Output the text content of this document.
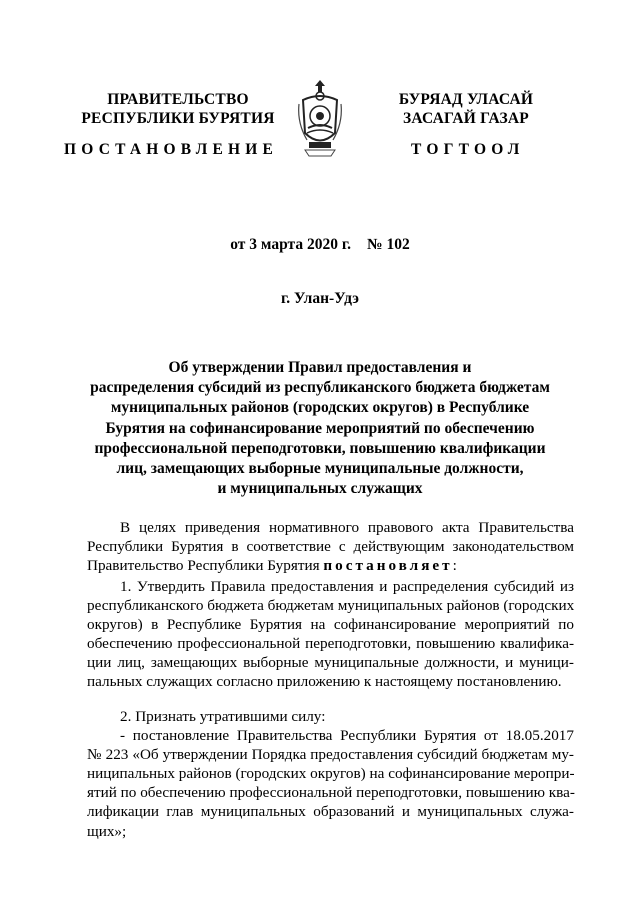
ПРАВИТЕЛЬСТВО
РЕСПУБЛИКИ БУРЯТИЯ
БУРЯАД УЛАСАЙ
ЗАСАГАЙ ГАЗАР
ПОСТАНОВЛЕНИЕ	ТОГТООЛ
от 3 марта 2020 г. № 102
г. Улан-Удэ
Об утверждении Правил предоставления и
распределения субсидий из республиканского бюджета бюджетам
муниципальных районов (городских округов) в Республике
Бурятия на софинансирование мероприятий по обеспечению
профессиональной переподготовки, повышению квалификации
лиц, замещающих выборные муниципальные должности,
и муниципальных служащих
В целях приведения нормативного правового акта Правительства
Республики Бурятия в соответствие с действующим законодательством
Правительство Республики Бурятия постановляет:
1. Утвердить Правила предоставления и распределения субсидий из
республиканского бюджета бюджетам муниципальных районов (городских
округов) в Республике Бурятия на софинансирование мероприятий по
обеспечению профессиональной переподготовки, повышению квалифика-
ции лиц, замещающих выборные муниципальные должности, и муници-
пальных служащих согласно приложению к настоящему постановлению.
2. Признать утратившими силу:
- постановление Правительства Республики Бурятия от 18.05.2017
№ 223 «Об утверждении Порядка предоставления субсидий бюджетам му-
ниципальных районов (городских округов) на софинансирование меропри-
ятий по обеспечению профессиональной переподготовки, повышению ква-
лификации глав муниципальных образований и муниципальных служа-
щих»;
